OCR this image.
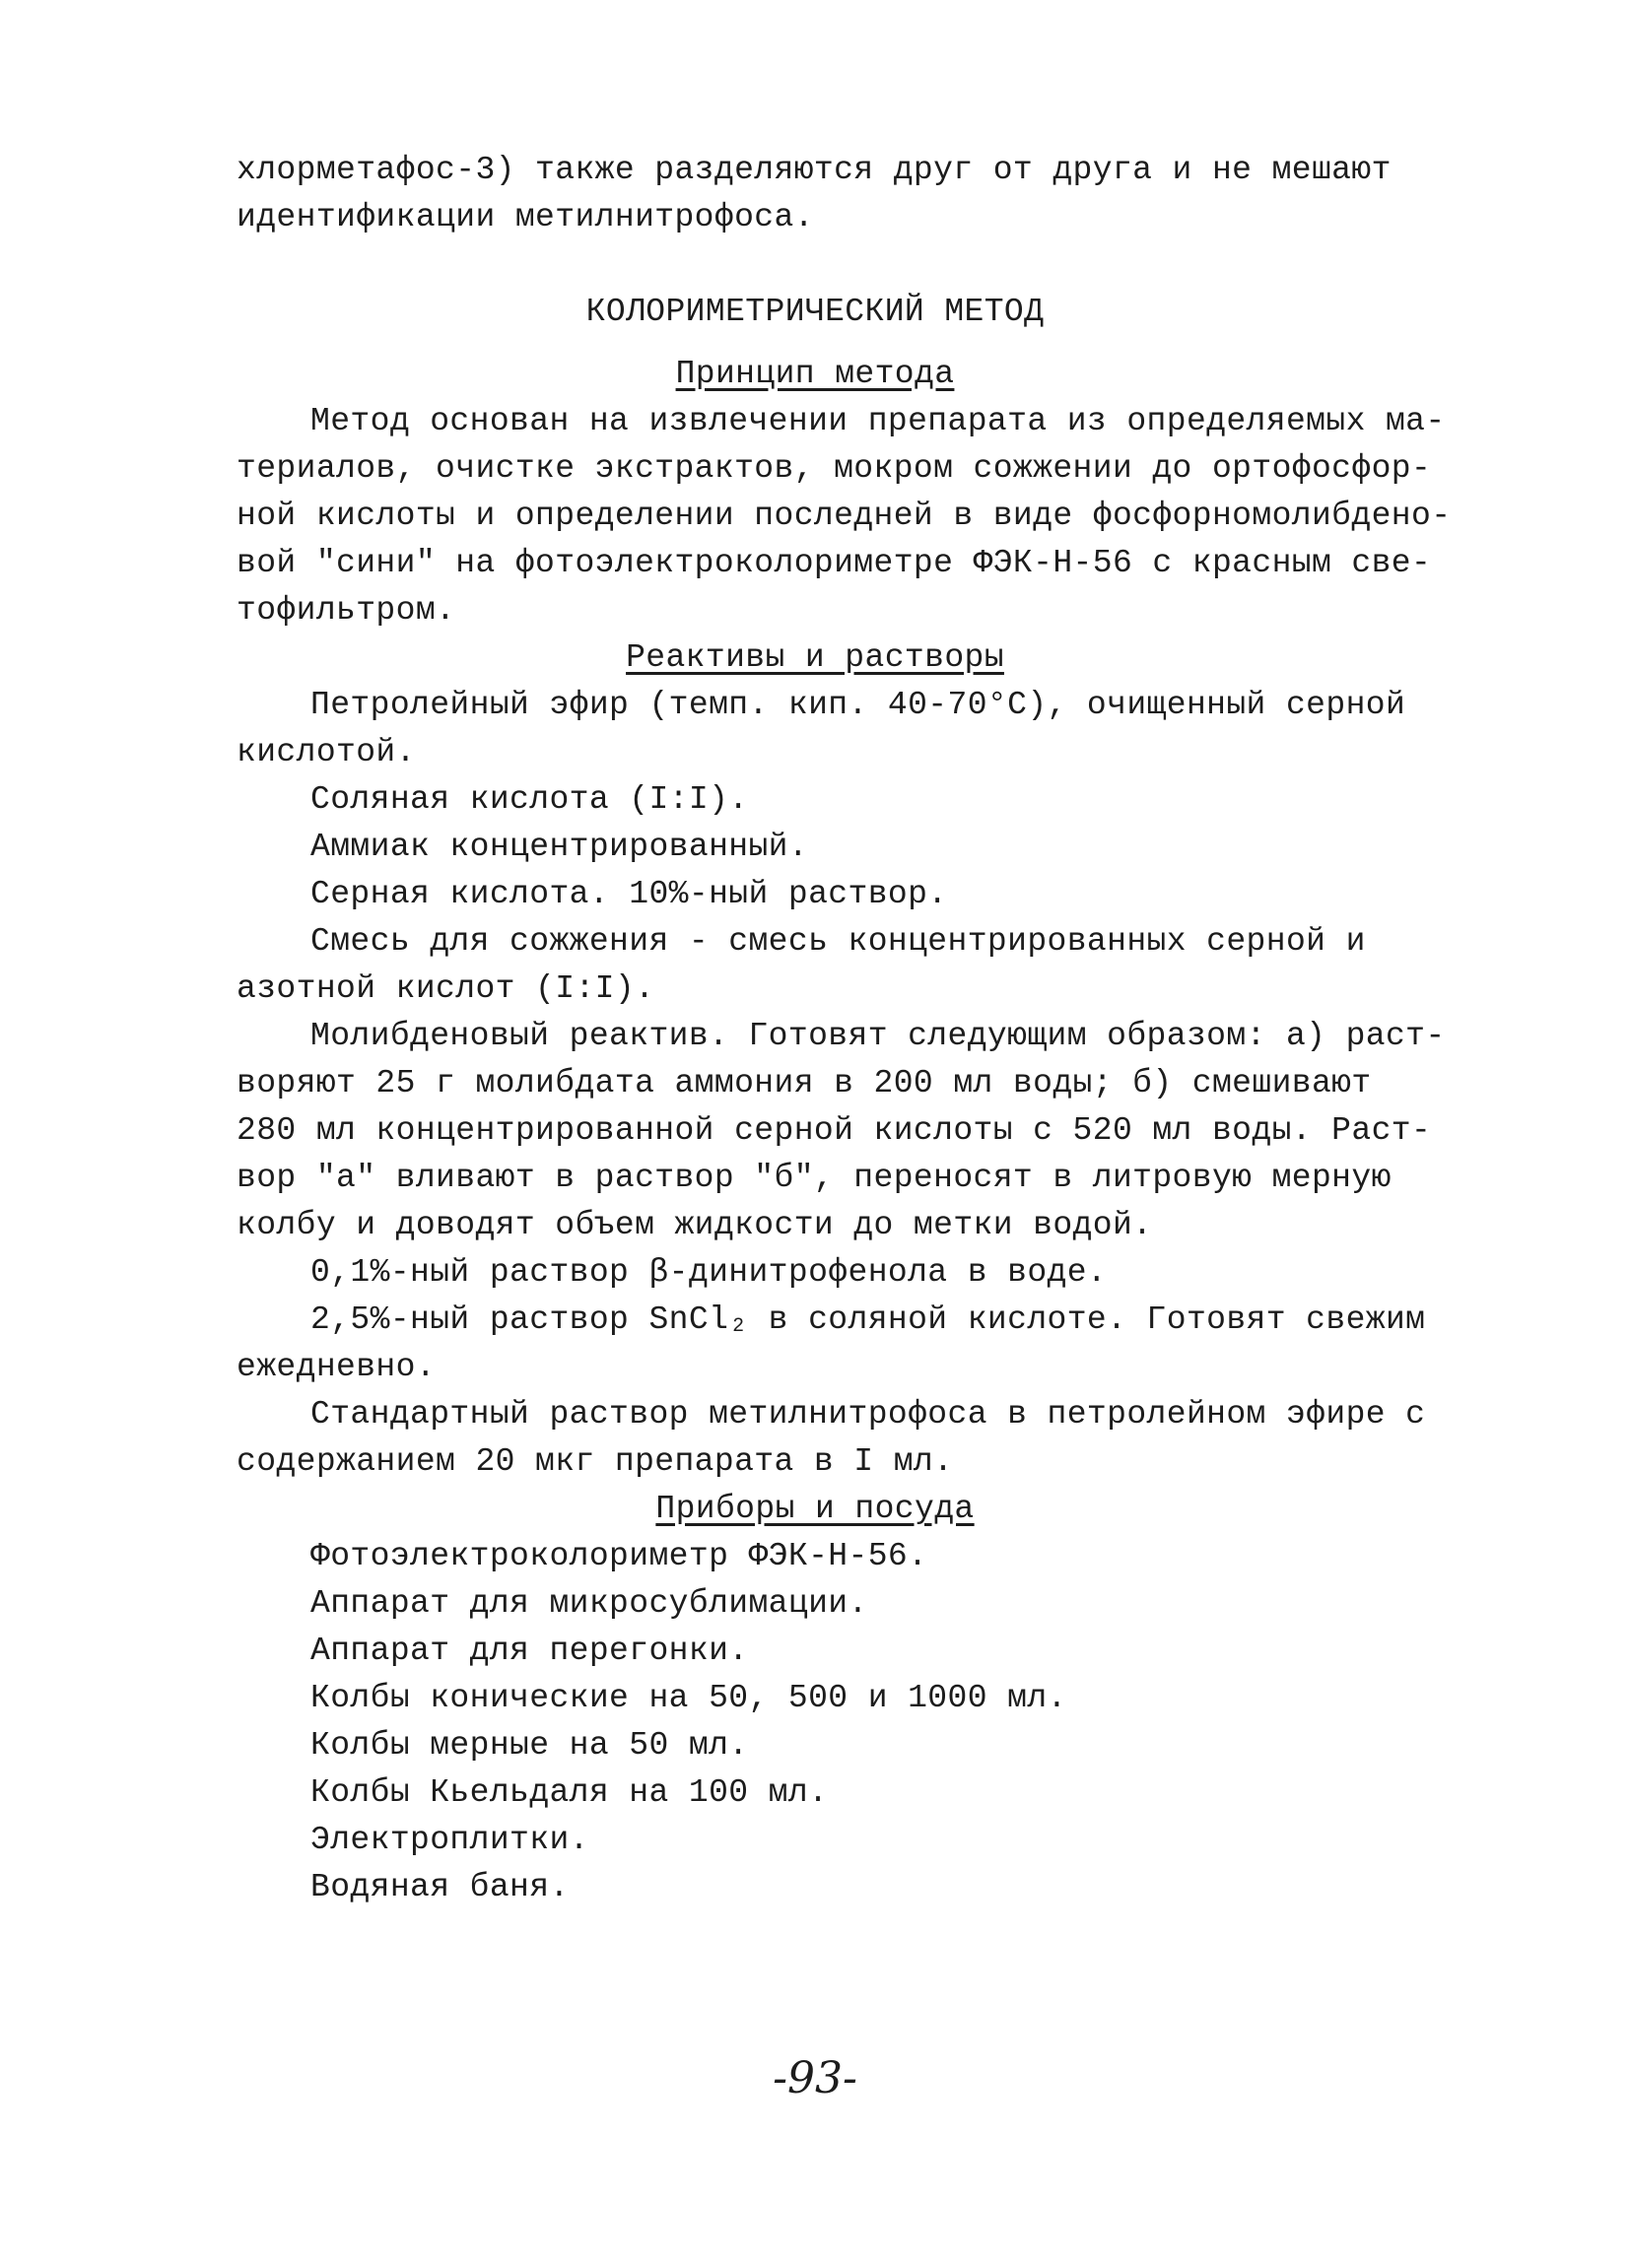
хлорметафос-3) также разделяются друг от друга и не мешают
идентификации метилнитрофоса.
КОЛОРИМЕТРИЧЕСКИЙ МЕТОД
Принцип метода
Метод основан на извлечении препарата из определяемых ма-
териалов, очистке экстрактов, мокром сожжении до ортофосфор-
ной кислоты и определении последней в виде фосфорномолибдено-
вой "сини" на фотоэлектроколориметре ФЭК-Н-56 с красным све-
тофильтром.
Реактивы и растворы
Петролейный эфир (темп. кип. 40-70°С), очищенный серной
кислотой.
Соляная кислота (I:I).
Аммиак концентрированный.
Серная кислота. 10%-ный раствор.
Смесь для сожжения - смесь концентрированных серной и
азотной кислот (I:I).
Молибденовый реактив. Готовят следующим образом: а) раст-
воряют 25 г молибдата аммония в 200 мл воды; б) смешивают
280 мл концентрированной серной кислоты с 520 мл воды. Раст-
вор "а" вливают в раствор "б", переносят в литровую мерную
колбу и доводят объем жидкости до метки водой.
0,1%-ный раствор β-динитрофенола в воде.
2,5%-ный раствор SnCl₂ в соляной кислоте. Готовят свежим
ежедневно.
Стандартный раствор метилнитрофоса в петролейном эфире с
содержанием 20 мкг препарата в I мл.
Приборы и посуда
Фотоэлектроколориметр ФЭК-Н-56.
Аппарат для микросублимации.
Аппарат для перегонки.
Колбы конические на 50, 500 и 1000 мл.
Колбы мерные на 50 мл.
Колбы Кьельдаля на 100 мл.
Электроплитки.
Водяная баня.
-93-
